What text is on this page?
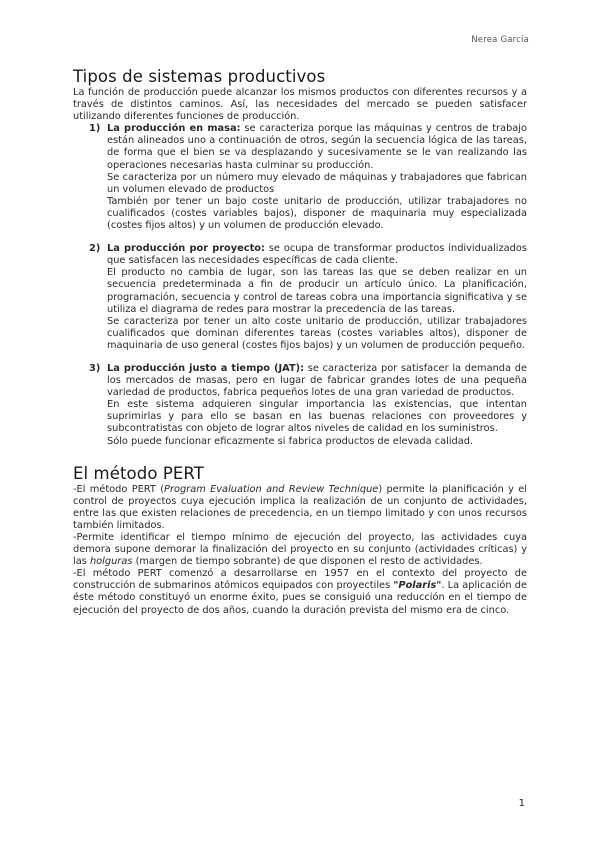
Nerea García
Tipos de sistemas productivos

La función de producción puede alcanzar los mismos productos con diferentes recursos y a través de distintos caminos. Así, las necesidades del mercado se pueden satisfacer utilizando diferentes funciones de producción.

1) La producción en masa: se caracteriza porque las máquinas y centros de trabajo están alineados uno a continuación de otros, según la secuencia lógica de las tareas, de forma que el bien se va desplazando y sucesivamente se le van realizando las operaciones necesarias hasta culminar su producción.

Se caracteriza por un número muy elevado de máquinas y trabajadores que fabrican un volumen elevado de productos

También por tener un bajo coste unitario de producción, utilizar trabajadores no cualificados (costes variables bajos), disponer de maquinaria muy especializada (costes fijos altos) y un volumen de producción elevado.

2) La producción por proyecto: se ocupa de transformar productos individualizados que satisfacen las necesidades específicas de cada cliente.

El producto no cambia de lugar, son las tareas las que se deben realizar en un secuencia predeterminada a fin de producir un artículo único. La planificación, programación, secuencia y control de tareas cobra una importancia significativa y se utiliza el diagrama de redes para mostrar la precedencia de las tareas.

Se caracteriza por tener un alto coste unitario de producción, utilizar trabajadores cualificados que dominan diferentes tareas (costes variables altos), disponer de maquinaria de uso general (costes fijos bajos) y un volumen de producción pequeño.

3) La producción justo a tiempo (JAT): se caracteriza por satisfacer la demanda de los mercados de masas, pero en lugar de fabricar grandes lotes de una pequeña variedad de productos, fabrica pequeños lotes de una gran variedad de productos.

En este sistema adquieren singular importancia las existencias, que intentan suprimirlas y para ello se basan en las buenas relaciones con proveedores y subcontratistas con objeto de lograr altos niveles de calidad en los suministros.

Sólo puede funcionar eficazmente si fabrica productos de elevada calidad.

El método PERT

-El método PERT (Program Evaluation and Review Technique) permite la planificación y el control de proyectos cuya ejecución implica la realización de un conjunto de actividades, entre las que existen relaciones de precedencia, en un tiempo limitado y con unos recursos también limitados.

-Permite identificar el tiempo mínimo de ejecución del proyecto, las actividades cuya demora supone demorar la finalización del proyecto en su conjunto (actividades críticas) y las holguras (margen de tiempo sobrante) de que disponen el resto de actividades.

-El método PERT comenzó a desarrollarse en 1957 en el contexto del proyecto de construcción de submarinos atómicos equipados con proyectiles "Polaris". La aplicación de éste método constituyó un enorme éxito, pues se consiguió una reducción en el tiempo de ejecución del proyecto de dos años, cuando la duración prevista del mismo era de cinco.

1
